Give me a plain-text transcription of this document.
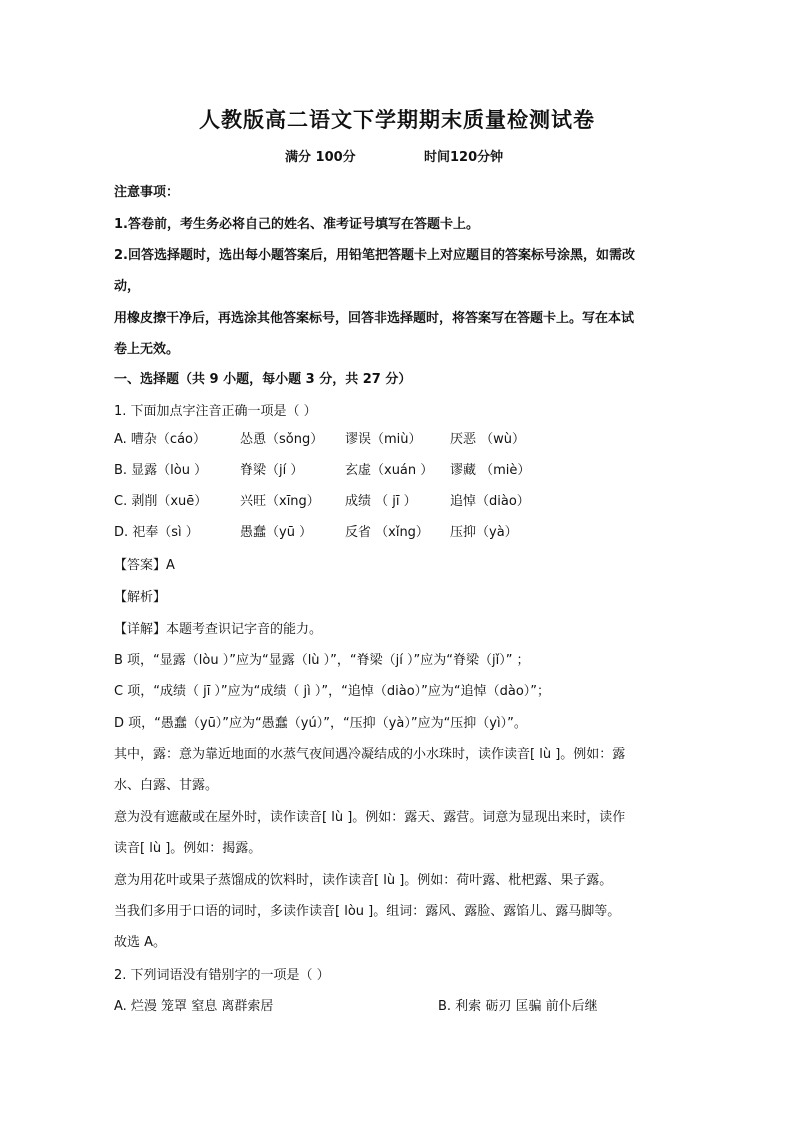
人教版高二语文下学期期末质量检测试卷
满分 100分	时间120分钟
注意事项：
1.答卷前，考生务必将自己的姓名、准考证号填写在答题卡上。
2.回答选择题时，选出每小题答案后，用铅笔把答题卡上对应题目的答案标号涂黑，如需改
动，
用橡皮擦干净后，再选涂其他答案标号，回答非选择题时，将答案写在答题卡上。写在本试
卷上无效。
一、选择题（共 9 小题，每小题 3 分，共 27 分）
1. 下面加点字注音正确一项是（ ）
A. 嘈杂（cáo）	怂恿（sǒng） 谬误（miù） 厌恶 （wù）
B. 显露（lòu ）	脊梁（jí ）	玄虚（xuán ） 谬藏 （miè）
C. 剥削（xuē）	兴旺（xīng） 成绩 （ jī ）	追悼（diào）
D. 祀奉（sì ）	愚蠢（yū ）	反省 （xǐng） 压抑（yà）
【答案】A
【解析】
【详解】本题考查识记字音的能力。
B 项，“显露（lòu ）”应为“显露（lù ）”，“脊梁（jí ）”应为“脊梁（jǐ）” ；
C 项，“成绩（ jī ）”应为“成绩（ jì ）”，“追悼（diào）”应为“追悼（dào）”；
D 项，“愚蠢（yū）”应为“愚蠢（yú）”，“压抑（yà）”应为“压抑（yì）”。
其中，露：意为靠近地面的水蒸气夜间遇冷凝结成的小水珠时，读作读音[ lù ]。例如：露
水、白露、甘露。
意为没有遮蔽或在屋外时，读作读音[ lù ]。例如：露天、露营。词意为显现出来时，读作
读音[ lù ]。例如：揭露。
意为用花叶或果子蒸馏成的饮料时，读作读音[ lù ]。例如：荷叶露、枇杷露、果子露。
当我们多用于口语的词时，多读作读音[ lòu ]。组词：露风、露脸、露馅儿、露马脚等。
故选 A。
2. 下列词语没有错别字的一项是（ ）
A. 烂漫 笼罩 窒息 离群索居	B. 利索 砺刃 匡骗 前仆后继
